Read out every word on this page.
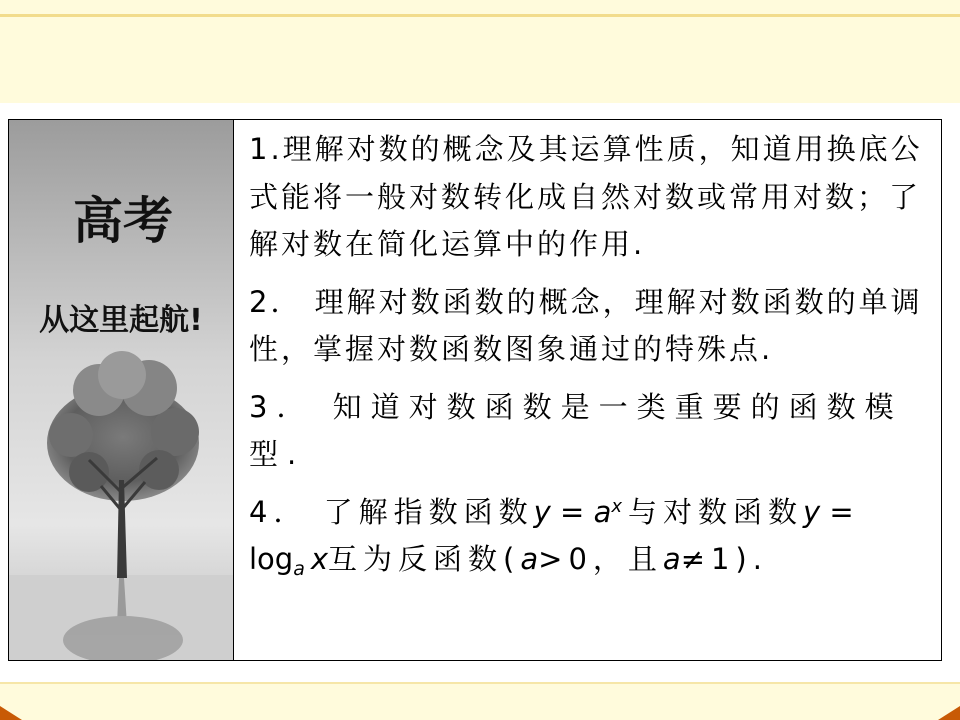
高考
从这里起航!

1.理解对数的概念及其运算性质，知道用换底公式能将一般对数转化成自然对数或常用对数；了解对数在简化运算中的作用.

2． 理解对数函数的概念，理解对数函数的单调性，掌握对数函数图象通过的特殊点.

3． 知道对数函数是一类重要的函数模型.

4． 了解指数函数$y = a^x$与对数函数y =
$\log_ax$互为反函数(a>0，且a≠1).
